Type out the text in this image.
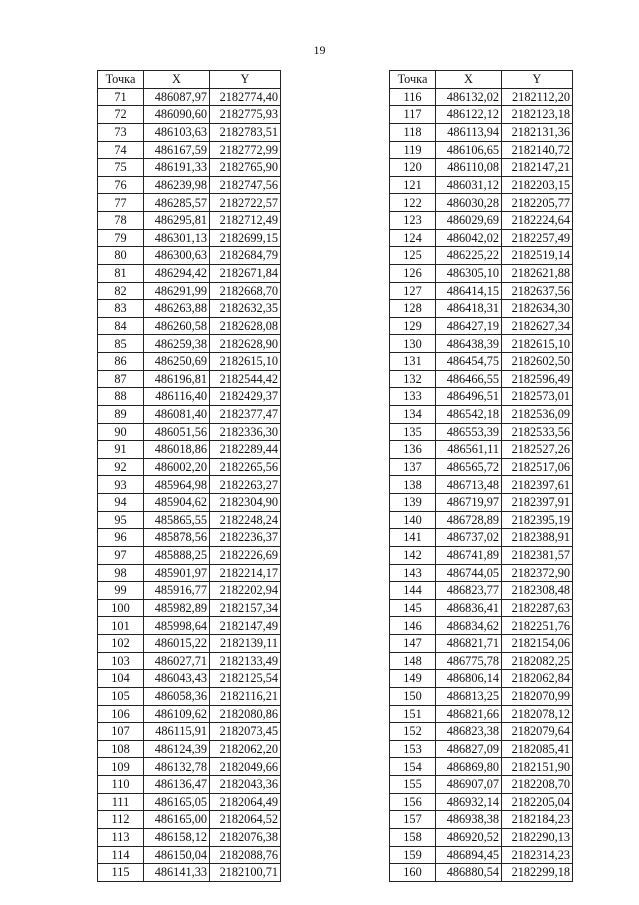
19
Точка	X	Y
71	486087,97	2182774,40
72	486090,60	2182775,93
73	486103,63	2182783,51
74	486167,59	2182772,99
75	486191,33	2182765,90
76	486239,98	2182747,56
77	486285,57	2182722,57
78	486295,81	2182712,49
79	486301,13	2182699,15
80	486300,63	2182684,79
81	486294,42	2182671,84
82	486291,99	2182668,70
83	486263,88	2182632,35
84	486260,58	2182628,08
85	486259,38	2182628,90
86	486250,69	2182615,10
87	486196,81	2182544,42
88	486116,40	2182429,37
89	486081,40	2182377,47
90	486051,56	2182336,30
91	486018,86	2182289,44
92	486002,20	2182265,56
93	485964,98	2182263,27
94	485904,62	2182304,90
95	485865,55	2182248,24
96	485878,56	2182236,37
97	485888,25	2182226,69
98	485901,97	2182214,17
99	485916,77	2182202,94
100	485982,89	2182157,34
101	485998,64	2182147,49
102	486015,22	2182139,11
103	486027,71	2182133,49
104	486043,43	2182125,54
105	486058,36	2182116,21
106	486109,62	2182080,86
107	486115,91	2182073,45
108	486124,39	2182062,20
109	486132,78	2182049,66
110	486136,47	2182043,36
111	486165,05	2182064,49
112	486165,00	2182064,52
113	486158,12	2182076,38
114	486150,04	2182088,76
115	486141,33	2182100,71
Точка	X	Y
116	486132,02	2182112,20
117	486122,12	2182123,18
118	486113,94	2182131,36
119	486106,65	2182140,72
120	486110,08	2182147,21
121	486031,12	2182203,15
122	486030,28	2182205,77
123	486029,69	2182224,64
124	486042,02	2182257,49
125	486225,22	2182519,14
126	486305,10	2182621,88
127	486414,15	2182637,56
128	486418,31	2182634,30
129	486427,19	2182627,34
130	486438,39	2182615,10
131	486454,75	2182602,50
132	486466,55	2182596,49
133	486496,51	2182573,01
134	486542,18	2182536,09
135	486553,39	2182533,56
136	486561,11	2182527,26
137	486565,72	2182517,06
138	486713,48	2182397,61
139	486719,97	2182397,91
140	486728,89	2182395,19
141	486737,02	2182388,91
142	486741,89	2182381,57
143	486744,05	2182372,90
144	486823,77	2182308,48
145	486836,41	2182287,63
146	486834,62	2182251,76
147	486821,71	2182154,06
148	486775,78	2182082,25
149	486806,14	2182062,84
150	486813,25	2182070,99
151	486821,66	2182078,12
152	486823,38	2182079,64
153	486827,09	2182085,41
154	486869,80	2182151,90
155	486907,07	2182208,70
156	486932,14	2182205,04
157	486938,38	2182184,23
158	486920,52	2182290,13
159	486894,45	2182314,23
160	486880,54	2182299,18
